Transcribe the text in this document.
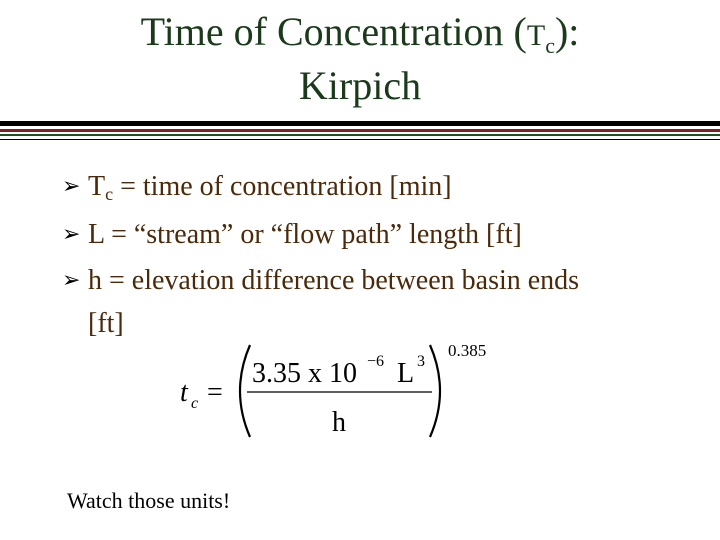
Time of Concentration $(T_c)$:
Kirpich
➢ Tc = time of concentration [min]
➢ L = “stream” or “flow path” length [ft]
➢ h = elevation difference between basin ends
[ft]
t c =
3.35 x 10 −6 L 3
h
0.385
Watch those units!
